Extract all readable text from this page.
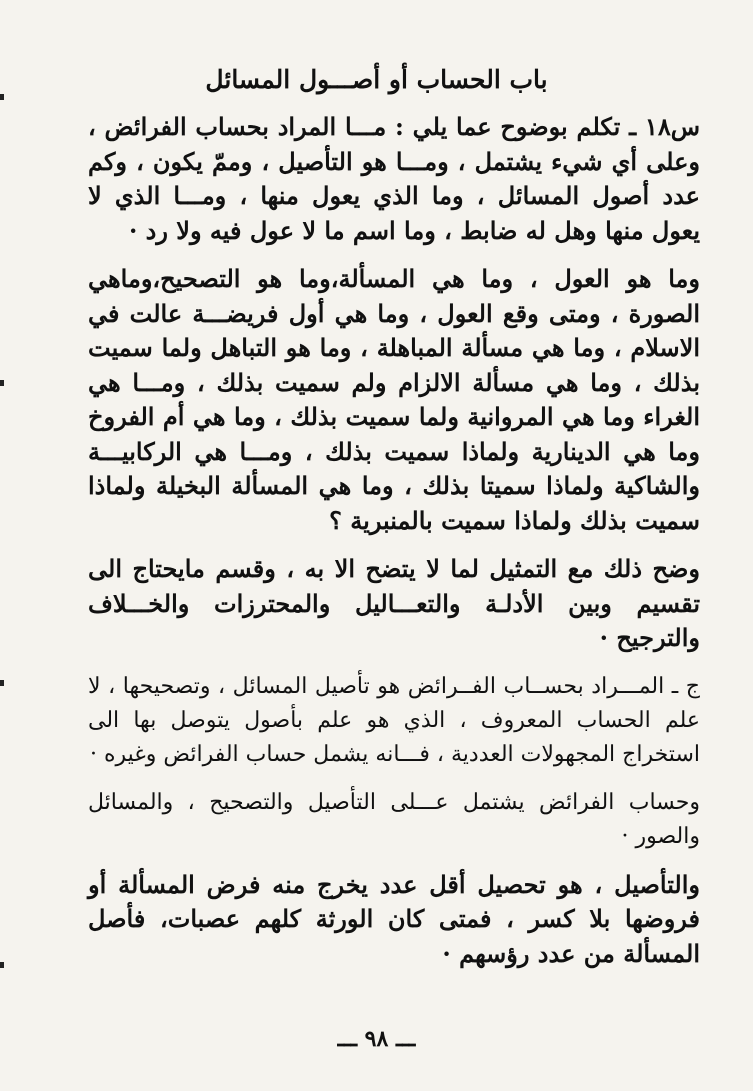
باب الحساب أو أصـــول المسائل

س١٨ ـ تكلم بوضوح عما يلي : مـــا المراد بحساب الفرائض ، وعلى أي شيء يشتمل ، ومـــا هو التأصيل ، وممّ يكون ، وكم عدد أصول المسائل ، وما الذي يعول منها ، ومـــا الذي لا يعول منها وهل له ضابط ، وما اسم ما لا عول فيه ولا رد ·

وما هو العول ، وما هي المسألة،وما هو التصحيح،وماهي الصورة ، ومتى وقع العول ، وما هي أول فريضـــة عالت في الاسلام ، وما هي مسألة المباهلة ، وما هو التباهل ولما سميت بذلك ، وما هي مسألة الالزام ولم سميت بذلك ، ومـــا هي الغراء وما هي المروانية ولما سميت بذلك ، وما هي أم الفروخ وما هي الدينارية ولماذا سميت بذلك ، ومـــا هي الركابيـــة والشاكية ولماذا سميتا بذلك ، وما هي المسألة البخيلة ولماذا سميت بذلك ولماذا سميت بالمنبرية ؟

وضح ذلك مع التمثيل لما لا يتضح الا به ، وقسم مايحتاج الى تقسيم وبين الأدلـة والتعـــاليل والمحترزات والخـــلاف والترجيح ·

ج ـ المـــراد بحســاب الفــرائض هو تأصيل المسائل ، وتصحيحها ، لا علم الحساب المعروف ، الذي هو علم بأصول يتوصل بها الى استخراج المجهولات العددية ، فـــانه يشمل حساب الفرائض وغيره ·

وحساب الفرائض يشتمل عـــلى التأصيل والتصحيح ، والمسائل والصور ·

والتأصيل ، هو تحصيل أقل عدد يخرج منه فرض المسألة أو فروضها بلا كسر ، فمتى كان الورثة كلهم عصبات، فأصل المسألة من عدد رؤسهم ·

ـــ ٩٨ ـــ
